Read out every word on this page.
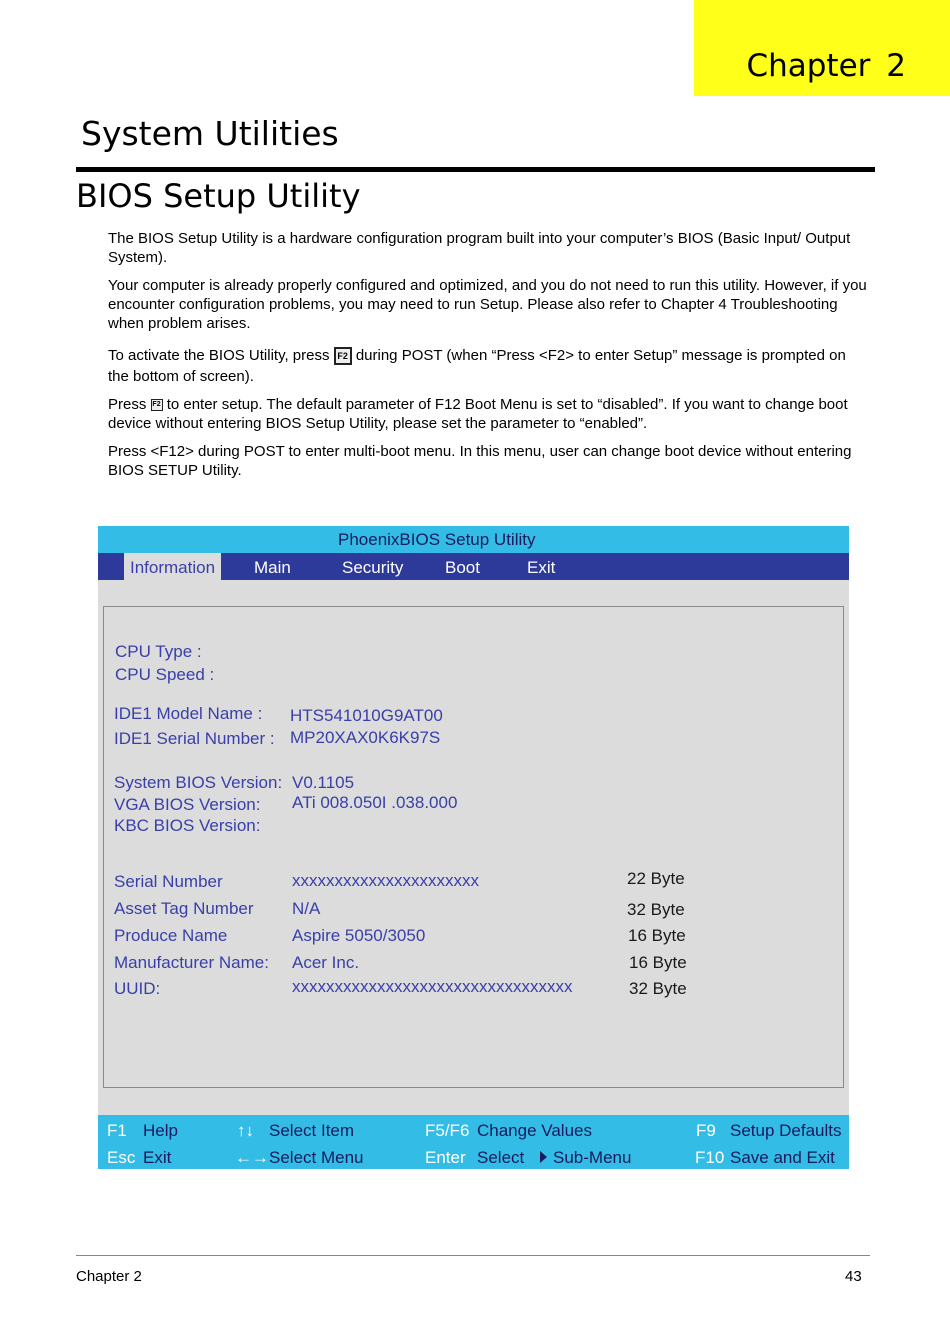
Chapter 2
System Utilities
BIOS Setup Utility

The BIOS Setup Utility is a hardware configuration program built into your computer’s BIOS (Basic Input/ Output System).

Your computer is already properly configured and optimized, and you do not need to run this utility. However, if you encounter configuration problems, you may need to run Setup. Please also refer to Chapter 4 Troubleshooting when problem arises.

To activate the BIOS Utility, press F2 during POST (when “Press <F2> to enter Setup” message is prompted on the bottom of screen).

Press F2 to enter setup. The default parameter of F12 Boot Menu is set to “disabled”. If you want to change boot device without entering BIOS Setup Utility, please set the parameter to “enabled”.

Press <F12> during POST to enter multi-boot menu. In this menu, user can change boot device without entering BIOS SETUP Utility.

PhoenixBIOS Setup Utility
Information	Main	Security Boot	Exit
CPU Type :
CPU Speed :
IDE1 Model Name : HTS541010G9AT00
IDE1 Serial Number : MP20XAX0K6K97S
System BIOS Version: V0.1105
VGA BIOS Version: ATi 008.050I .038.000
KBC BIOS Version:
Serial Number	xxxxxxxxxxxxxxxxxxxxxx	22 Byte
Asset Tag Number N/A	32 Byte
Produce Name	Aspire 5050/3050	16 Byte
Manufacturer Name: Acer Inc.	16 Byte
UUID:	xxxxxxxxxxxxxxxxxxxxxxxxxxxxxxxxx	32 Byte
F1 Help	↑↓ Select Item	F5/F6 Change Values	F9 Setup Defaults
Esc Exit	←→ Select Menu	Enter Select	Sub-Menu	F10 Save and Exit
Chapter 2	43
